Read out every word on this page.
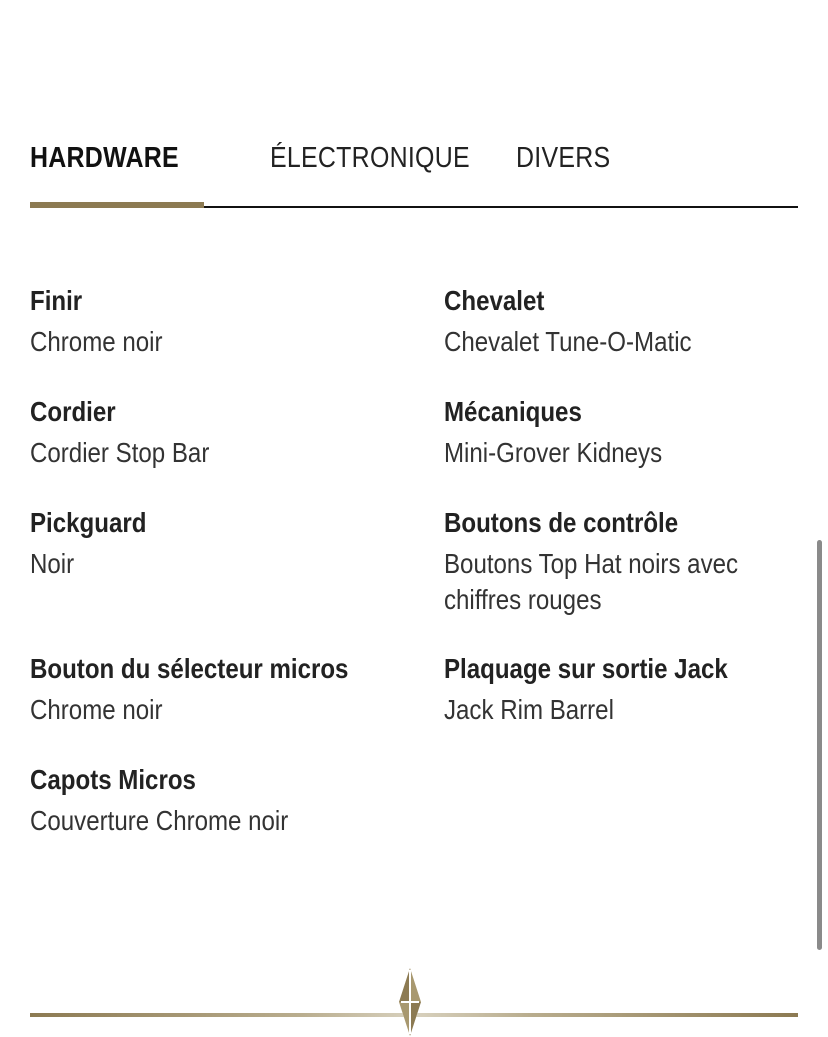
HARDWARE	ÉLECTRONIQUE DIVERS
Finir
Chrome noir
Chevalet
Chevalet Tune-O-Matic
Cordier
Cordier Stop Bar
Mécaniques
Mini-Grover Kidneys
Pickguard
Noir
Boutons de contrôle
Boutons Top Hat noirs avec chiffres rouges
Bouton du sélecteur micros
Chrome noir
Plaquage sur sortie Jack
Jack Rim Barrel
Capots Micros
Couverture Chrome noir
